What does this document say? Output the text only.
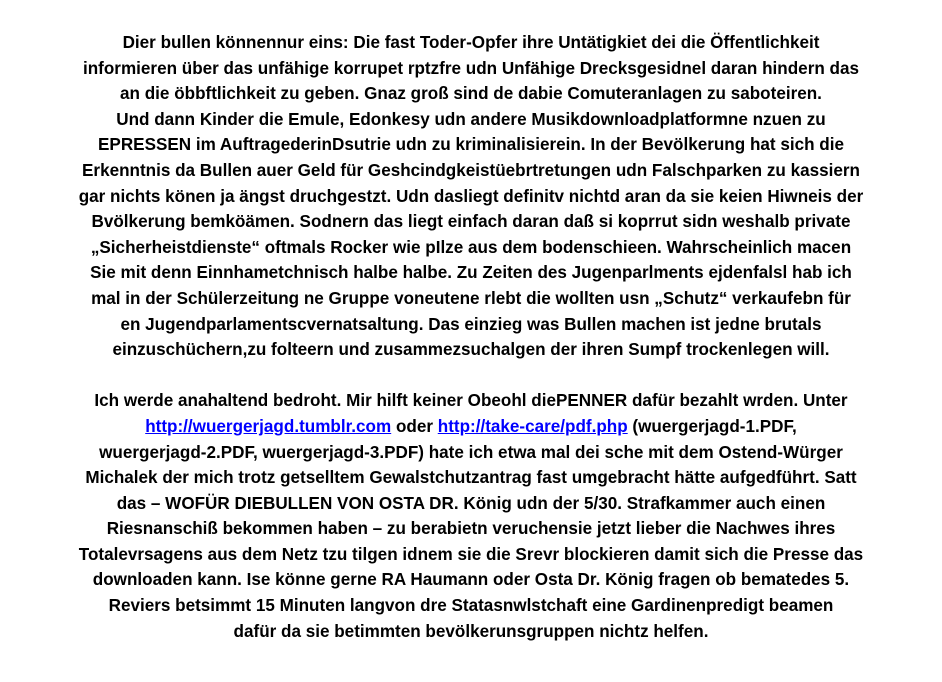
Dier bullen könnennur eins: Die fast Toder-Opfer ihre Untätigkiet dei die Öffentlichkeit
informieren über das unfähige korrupet rptzfre udn Unfähige Drecksgesidnel daran hindern das
an die öbbftlichkeit zu geben. Gnaz groß sind de dabie Comuteranlagen zu saboteiren.
Und dann Kinder die Emule, Edonkesy udn andere Musikdownloadplatformne nzuen zu
EPRESSEN im AuftragederinDsutrie udn zu kriminalisierein. In der Bevölkerung hat sich die
Erkenntnis da Bullen auer Geld für Geshcindgkeistüebrtretungen udn Falschparken zu kassiern
gar nichts könen ja ängst druchgestzt. Udn dasliegt definitv nichtd aran da sie keien Hiwneis der
Bvölkerung bemköämen. Sodnern das liegt einfach daran daß si koprrut sidn weshalb private
„Sicherheistdienste“ oftmals Rocker wie pIlze aus dem bodenschieen. Wahrscheinlich macen
Sie mit denn Einnhametchnisch halbe halbe. Zu Zeiten des Jugenparlments ejdenfalsl hab ich
mal in der Schülerzeitung ne Gruppe voneutene rlebt die wollten usn „Schutz“ verkaufebn für
en Jugendparlamentscvernatsaltung. Das einzieg was Bullen machen ist jedne brutals
einzuschüchern,zu folteern und zusammezsuchalgen der ihren Sumpf trockenlegen will.
Ich werde anahaltend bedroht. Mir hilft keiner Obeohl diePENNER dafür bezahlt wrden. Unter
http://wuergerjagd.tumblr.com oder http://take-care/pdf.php (wuergerjagd-1.PDF,
wuergerjagd-2.PDF, wuergerjagd-3.PDF) hate ich etwa mal dei sche mit dem Ostend-Würger
Michalek der mich trotz getselltem Gewalstchutzantrag fast umgebracht hätte aufgedführt. Satt
das – WOFÜR DIEBULLEN VON OSTA DR. König udn der 5/30. Strafkammer auch einen
Riesnanschiß bekommen haben – zu berabietn veruchensie jetzt lieber die Nachwes ihres
Totalevrsagens aus dem Netz tzu tilgen idnem sie die Srevr blockieren damit sich die Presse das
downloaden kann. Ise könne gerne RA Haumann oder Osta Dr. König fragen ob bematedes 5.
Reviers betsimmt 15 Minuten langvon dre Statasnwlstchaft eine Gardinenpredigt beamen
dafür da sie betimmten bevölkerunsgruppen nichtz helfen.
